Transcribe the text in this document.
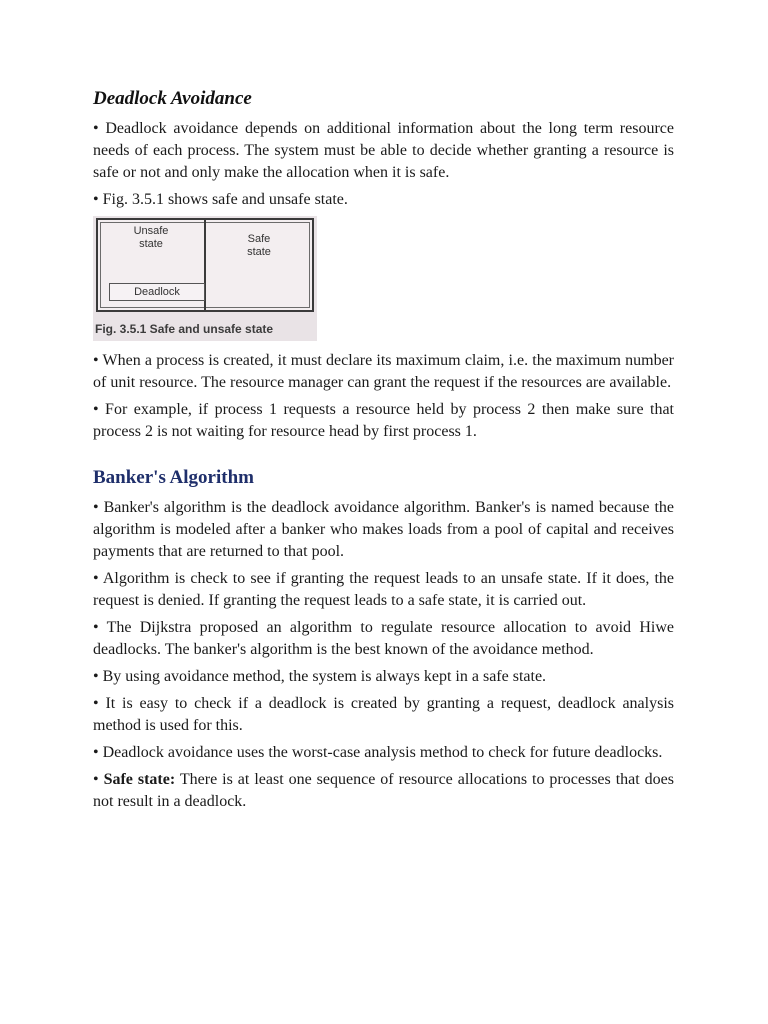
Deadlock Avoidance

• Deadlock avoidance depends on additional information about the long term resource needs of each process. The system must be able to decide whether granting a resource is safe or not and only make the allocation when it is safe.

• Fig. 3.5.1 shows safe and unsafe state.

Unsafe
state	Safe
state
Deadlock
Fig. 3.5.1 Safe and unsafe state

• When a process is created, it must declare its maximum claim, i.e. the maximum number of unit resource. The resource manager can grant the request if the resources are available.

• For example, if process 1 requests a resource held by process 2 then make sure that process 2 is not waiting for resource head by first process 1.

Banker's Algorithm

• Banker's algorithm is the deadlock avoidance algorithm. Banker's is named because the algorithm is modeled after a banker who makes loads from a pool of capital and receives payments that are returned to that pool.

• Algorithm is check to see if granting the request leads to an unsafe state. If it does, the request is denied. If granting the request leads to a safe state, it is carried out.

• The Dijkstra proposed an algorithm to regulate resource allocation to avoid Hiwe deadlocks. The banker's algorithm is the best known of the avoidance method.

• By using avoidance method, the system is always kept in a safe state.

• It is easy to check if a deadlock is created by granting a request, deadlock analysis method is used for this.

• Deadlock avoidance uses the worst-case analysis method to check for future deadlocks.

• Safe state: There is at least one sequence of resource allocations to processes that does not result in a deadlock.
